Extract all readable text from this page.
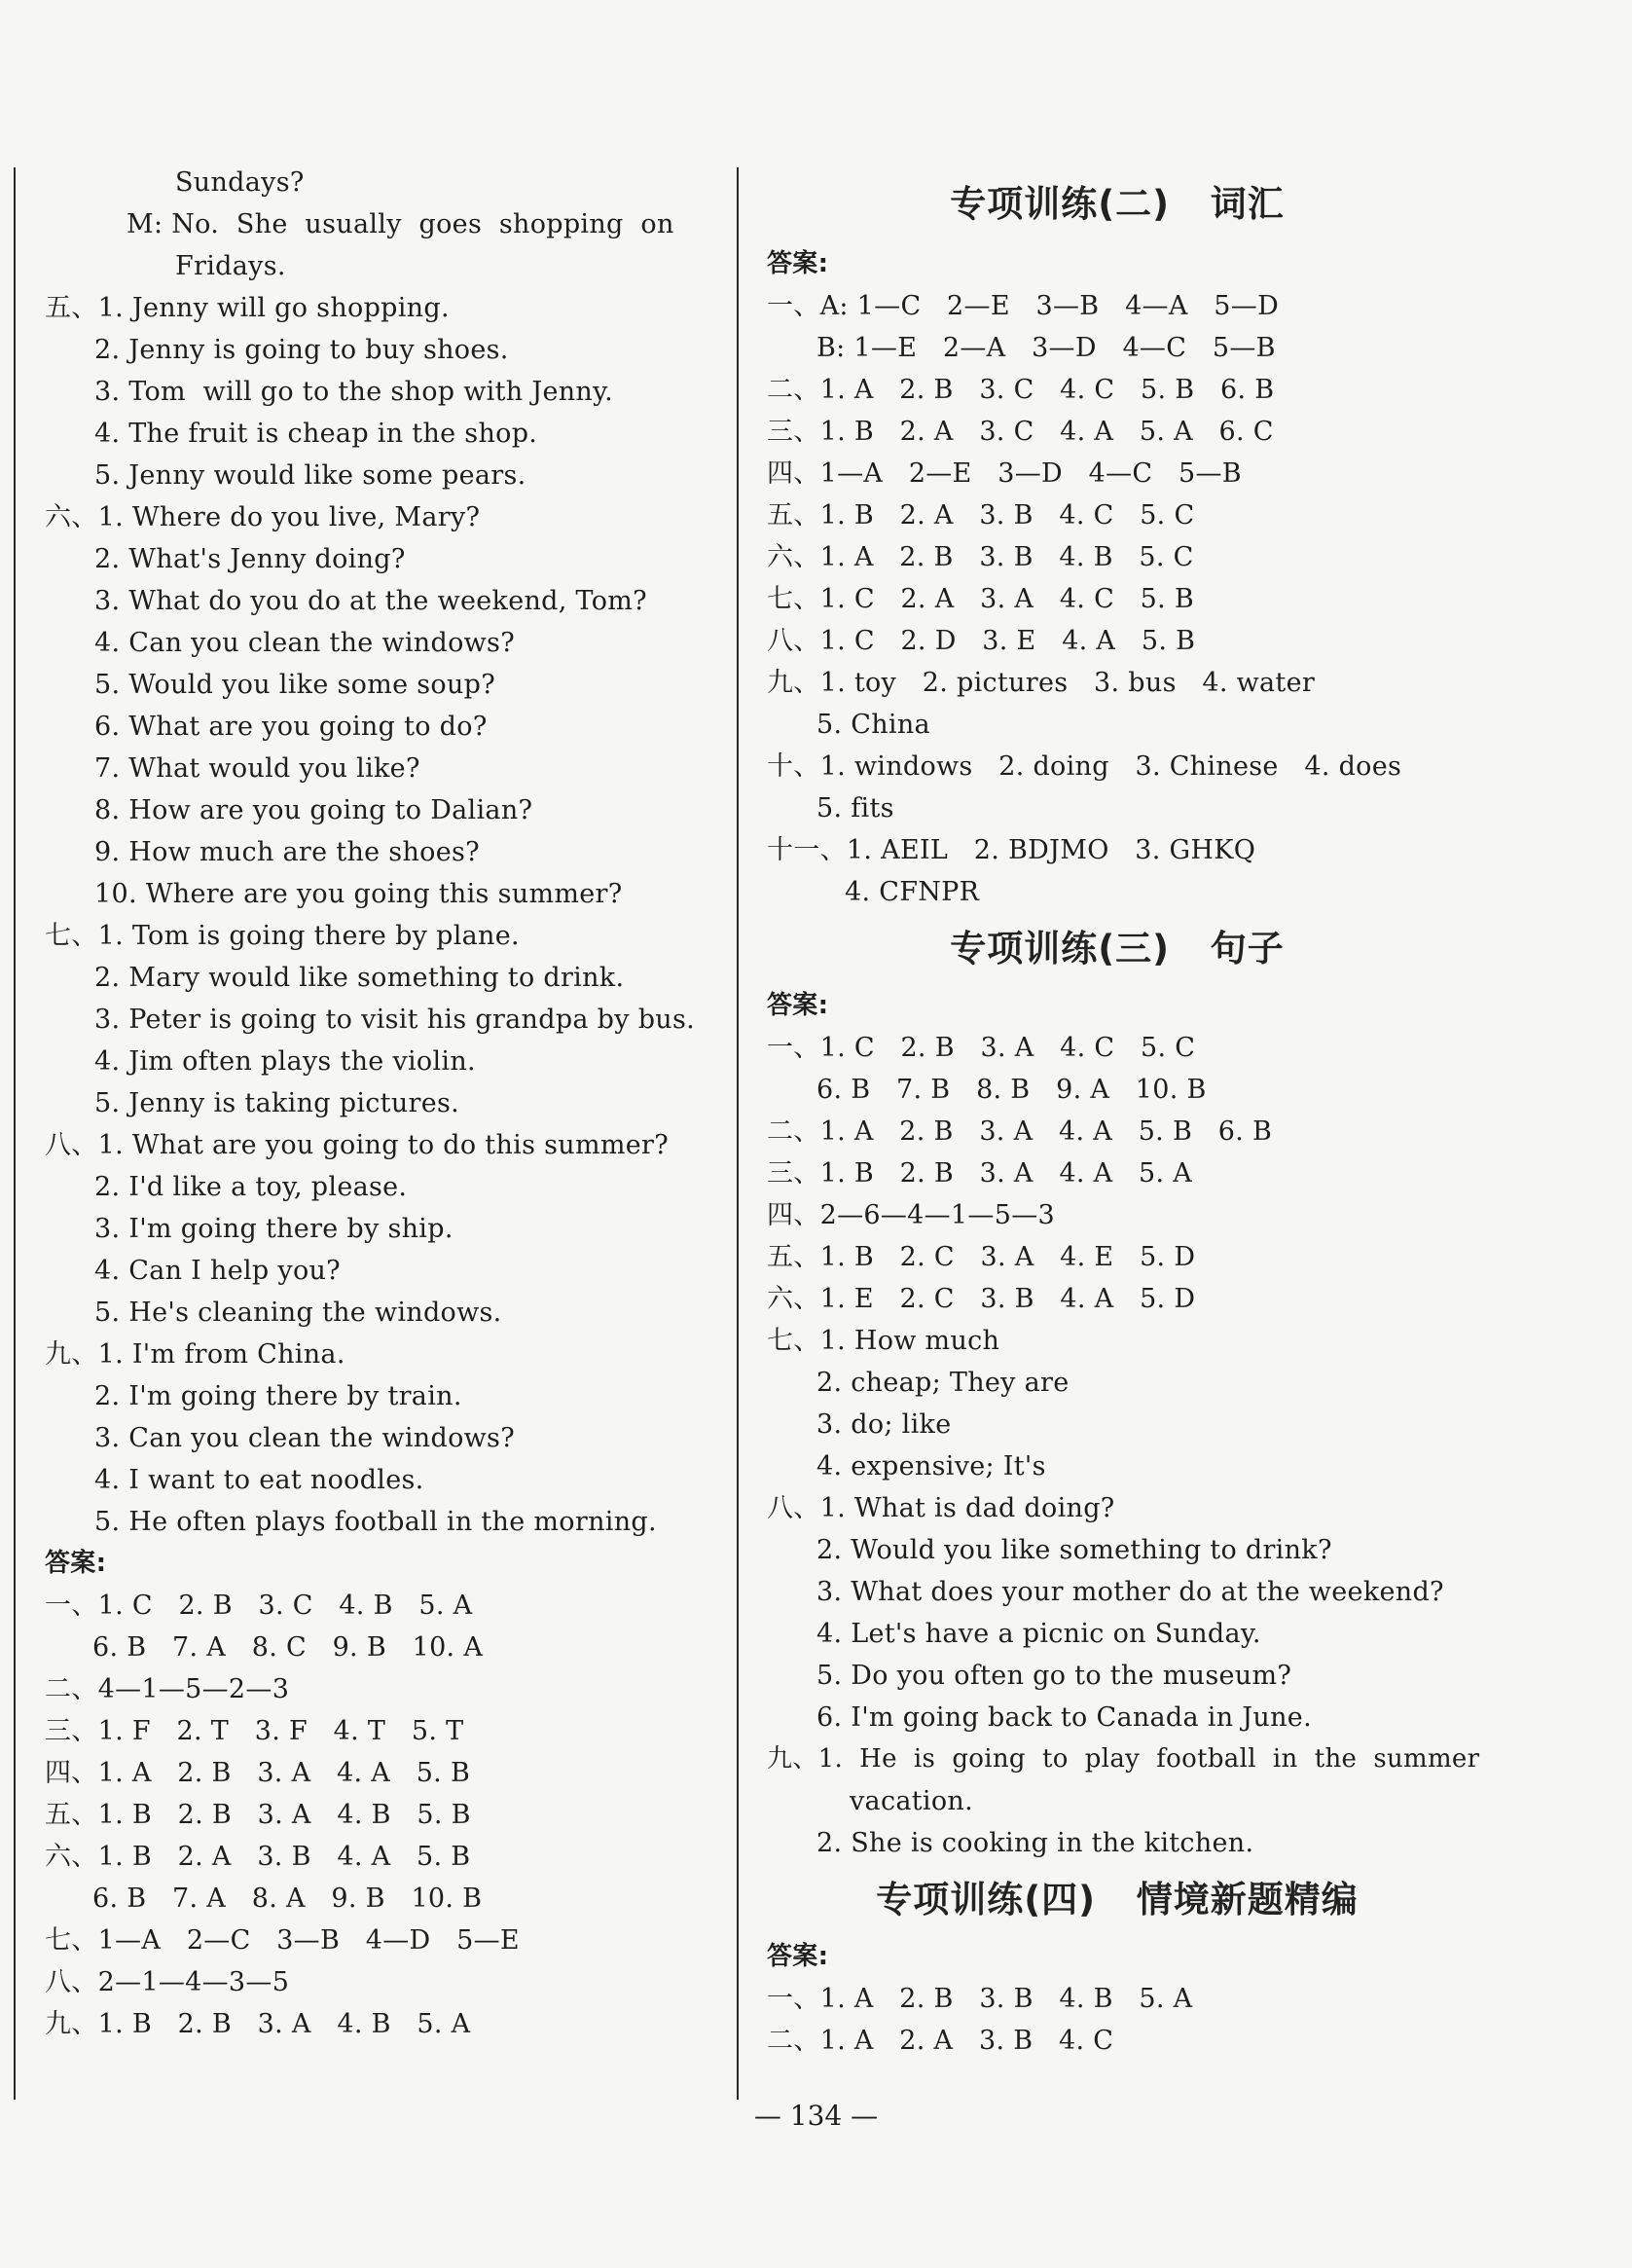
Sundays?
M: No.  She  usually  goes  shopping  on
Fridays.
五、1. Jenny will go shopping.
2. Jenny is going to buy shoes.
3. Tom  will go to the shop with Jenny.
4. The fruit is cheap in the shop.
5. Jenny would like some pears.
六、1. Where do you live, Mary?
2. What's Jenny doing?
3. What do you do at the weekend, Tom?
4. Can you clean the windows?
5. Would you like some soup?
6. What are you going to do?
7. What would you like?
8. How are you going to Dalian?
9. How much are the shoes?
10. Where are you going this summer?
七、1. Tom is going there by plane.
2. Mary would like something to drink.
3. Peter is going to visit his grandpa by bus.
4. Jim often plays the violin.
5. Jenny is taking pictures.
八、1. What are you going to do this summer?
2. I'd like a toy, please.
3. I'm going there by ship.
4. Can I help you?
5. He's cleaning the windows.
九、1. I'm from China.
2. I'm going there by train.
3. Can you clean the windows?
4. I want to eat noodles.
5. He often plays football in the morning.
答案:
一、1. C   2. B   3. C   4. B   5. A
6. B   7. A   8. C   9. B   10. A
二、4—1—5—2—3
三、1. F   2. T   3. F   4. T   5. T
四、1. A   2. B   3. A   4. A   5. B
五、1. B   2. B   3. A   4. B   5. B
六、1. B   2. A   3. B   4. A   5. B
6. B   7. A   8. A   9. B   10. B
七、1—A   2—C   3—B   4—D   5—E
八、2—1—4—3—5
九、1. B   2. B   3. A   4. B   5. A
专项训练(二)   词汇
答案:
一、A: 1—C   2—E   3—B   4—A   5—D
B: 1—E   2—A   3—D   4—C   5—B
二、1. A   2. B   3. C   4. C   5. B   6. B
三、1. B   2. A   3. C   4. A   5. A   6. C
四、1—A   2—E   3—D   4—C   5—B
五、1. B   2. A   3. B   4. C   5. C
六、1. A   2. B   3. B   4. B   5. C
七、1. C   2. A   3. A   4. C   5. B
八、1. C   2. D   3. E   4. A   5. B
九、1. toy   2. pictures   3. bus   4. water
5. China
十、1. windows   2. doing   3. Chinese   4. does
5. fits
十一、1. AEIL   2. BDJMO   3. GHKQ
4. CFNPR
专项训练(三)   句子
答案:
一、1. C   2. B   3. A   4. C   5. C
6. B   7. B   8. B   9. A   10. B
二、1. A   2. B   3. A   4. A   5. B   6. B
三、1. B   2. B   3. A   4. A   5. A
四、2—6—4—1—5—3
五、1. B   2. C   3. A   4. E   5. D
六、1. E   2. C   3. B   4. A   5. D
七、1. How much
2. cheap; They are
3. do; like
4. expensive; It's
八、1. What is dad doing?
2. Would you like something to drink?
3. What does your mother do at the weekend?
4. Let's have a picnic on Sunday.
5. Do you often go to the museum?
6. I'm going back to Canada in June.
九、1.  He  is  going  to  play  football  in  the  summer
vacation.
2. She is cooking in the kitchen.
专项训练(四)   情境新题精编
答案:
一、1. A   2. B   3. B   4. B   5. A
二、1. A   2. A   3. B   4. C
— 134 —
